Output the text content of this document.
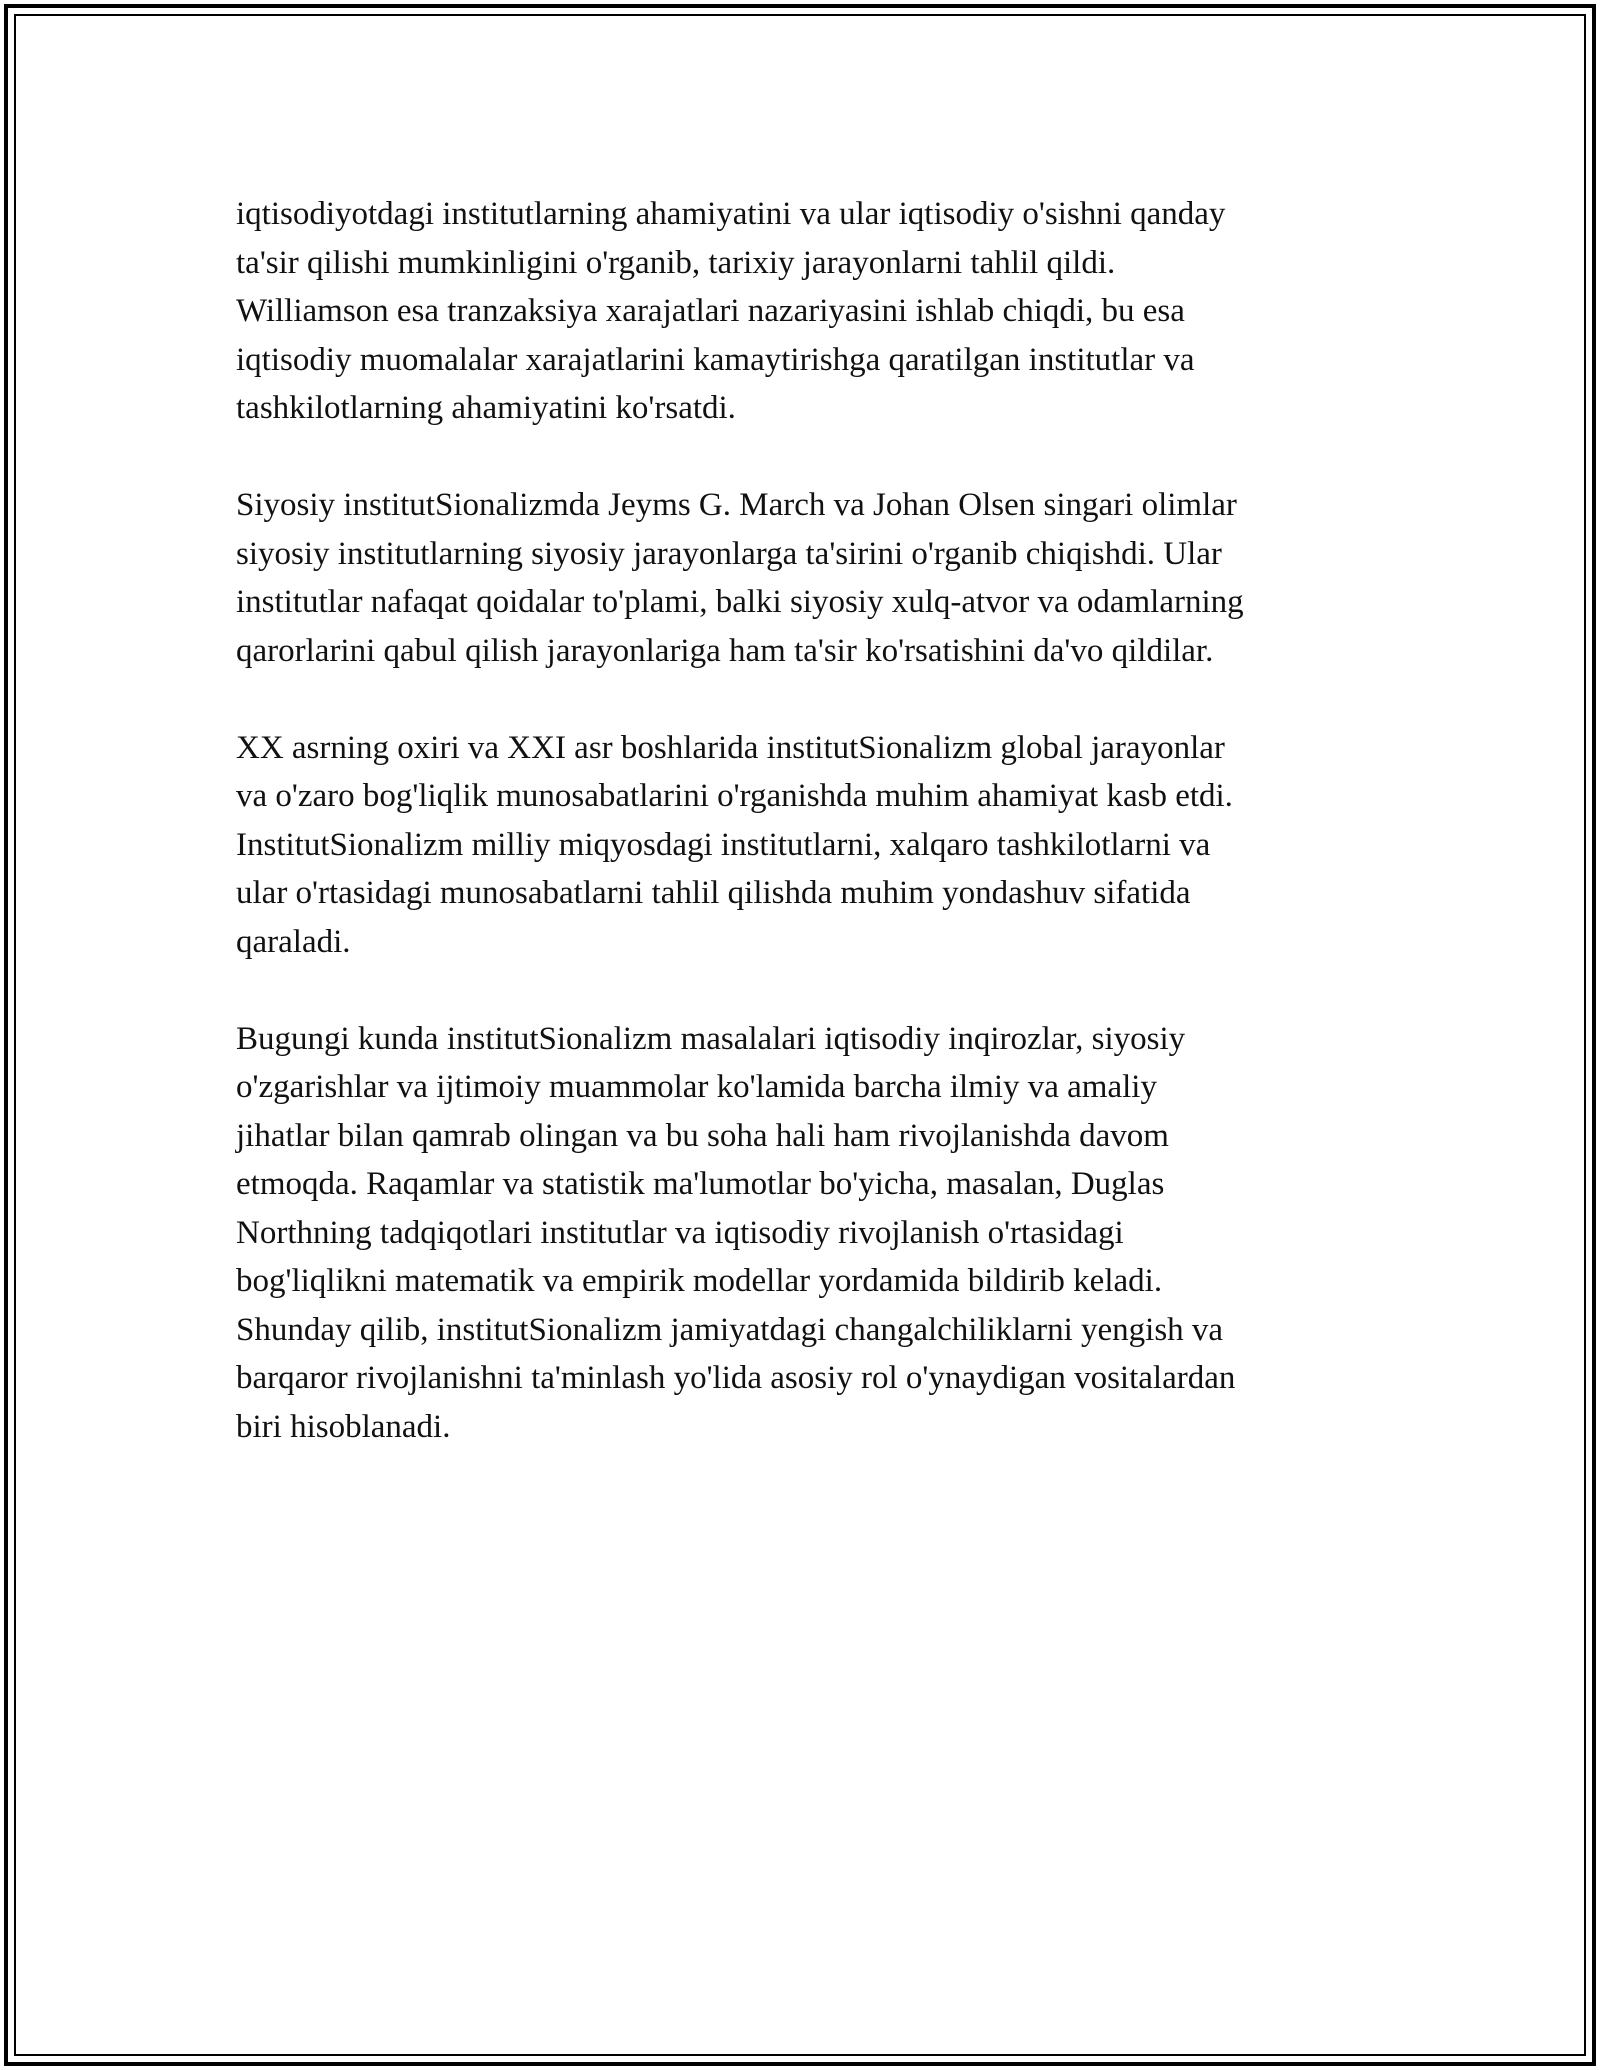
iqtisodiyotdagi institutlarning ahamiyatini va ular iqtisodiy o'sishni qanday
ta'sir qilishi mumkinligini o'rganib, tarixiy jarayonlarni tahlil qildi.
Williamson esa tranzaksiya xarajatlari nazariyasini ishlab chiqdi, bu esa
iqtisodiy muomalalar xarajatlarini kamaytirishga qaratilgan institutlar va
tashkilotlarning ahamiyatini ko'rsatdi.

Siyosiy institutSionalizmda Jeyms G. March va Johan Olsen singari olimlar
siyosiy institutlarning siyosiy jarayonlarga ta'sirini o'rganib chiqishdi. Ular
institutlar nafaqat qoidalar to'plami, balki siyosiy xulq-atvor va odamlarning
qarorlarini qabul qilish jarayonlariga ham ta'sir ko'rsatishini da'vo qildilar.

XX asrning oxiri va XXI asr boshlarida institutSionalizm global jarayonlar
va o'zaro bog'liqlik munosabatlarini o'rganishda muhim ahamiyat kasb etdi.
InstitutSionalizm milliy miqyosdagi institutlarni, xalqaro tashkilotlarni va
ular o'rtasidagi munosabatlarni tahlil qilishda muhim yondashuv sifatida
qaraladi.

Bugungi kunda institutSionalizm masalalari iqtisodiy inqirozlar, siyosiy
o'zgarishlar va ijtimoiy muammolar ko'lamida barcha ilmiy va amaliy
jihatlar bilan qamrab olingan va bu soha hali ham rivojlanishda davom
etmoqda. Raqamlar va statistik ma'lumotlar bo'yicha, masalan, Duglas
Northning tadqiqotlari institutlar va iqtisodiy rivojlanish o'rtasidagi
bog'liqlikni matematik va empirik modellar yordamida bildirib keladi.
Shunday qilib, institutSionalizm jamiyatdagi changalchiliklarni yengish va
barqaror rivojlanishni ta'minlash yo'lida asosiy rol o'ynaydigan vositalardan
biri hisoblanadi.
